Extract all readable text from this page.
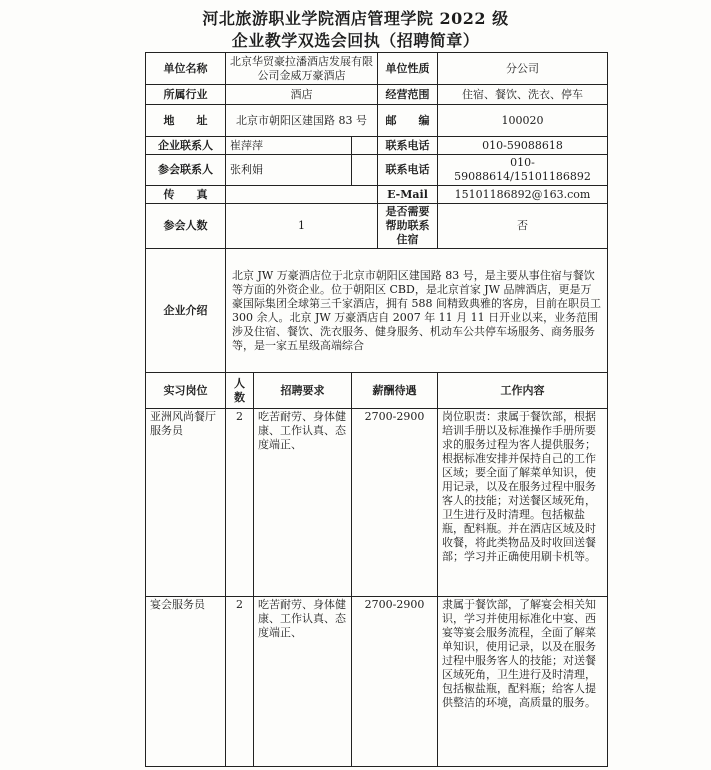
河北旅游职业学院酒店管理学院 2022 级
企业教学双选会回执（招聘简章）
单位名称	北京华贸豪拉潘酒店发展有限公司金威万豪酒店			单位性质	分公司
所属行业	酒店			经营范围	住宿、餐饮、洗衣、停车
地　　址	北京市朝阳区建国路 83 号			邮　　编	100020
企业联系人	崔萍萍			联系电话	010-59088618
参会联系人	张利娟			联系电话	010-59088614/15101186892
传　　真				E-Mail	15101186892@163.com
参会人数	1			是否需要帮助联系住宿	否
企业介绍	北京 JW 万豪酒店位于北京市朝阳区建国路 83 号，是主要从事住宿与餐饮等方面的外资企业。位于朝阳区 CBD，是北京首家 JW 品牌酒店，更是万豪国际集团全球第三千家酒店，拥有 588 间精致典雅的客房，目前在职员工 300 余人。北京 JW 万豪酒店自 2007 年 11 月 11 日开业以来，业务范围涉及住宿、餐饮、洗衣服务、健身服务、机动车公共停车场服务、商务服务等，是一家五星级高端综合				
实习岗位	人数	招聘要求	薪酬待遇		工作内容
亚洲风尚餐厅服务员	2	吃苦耐劳、身体健康、工作认真、态度端正、	2700-2900		岗位职责：隶属于餐饮部，根据培训手册以及标准操作手册所要求的服务过程为客人提供服务；根据标准安排并保持自己的工作区域；要全面了解菜单知识，使用记录，以及在服务过程中服务客人的技能；对送餐区域死角，卫生进行及时清理。包括椒盐瓶，配料瓶。并在酒店区域及时收餐，将此类物品及时收回送餐部；学习并正确使用刷卡机等。
宴会服务员	2	吃苦耐劳、身体健康、工作认真、态度端正、	2700-2900		隶属于餐饮部，了解宴会相关知识，学习并使用标准化中宴、西宴等宴会服务流程，全面了解菜单知识，使用记录，以及在服务过程中服务客人的技能；对送餐区域死角，卫生进行及时清理，包括椒盐瓶，配料瓶；给客人提供整洁的环境，高质量的服务。
